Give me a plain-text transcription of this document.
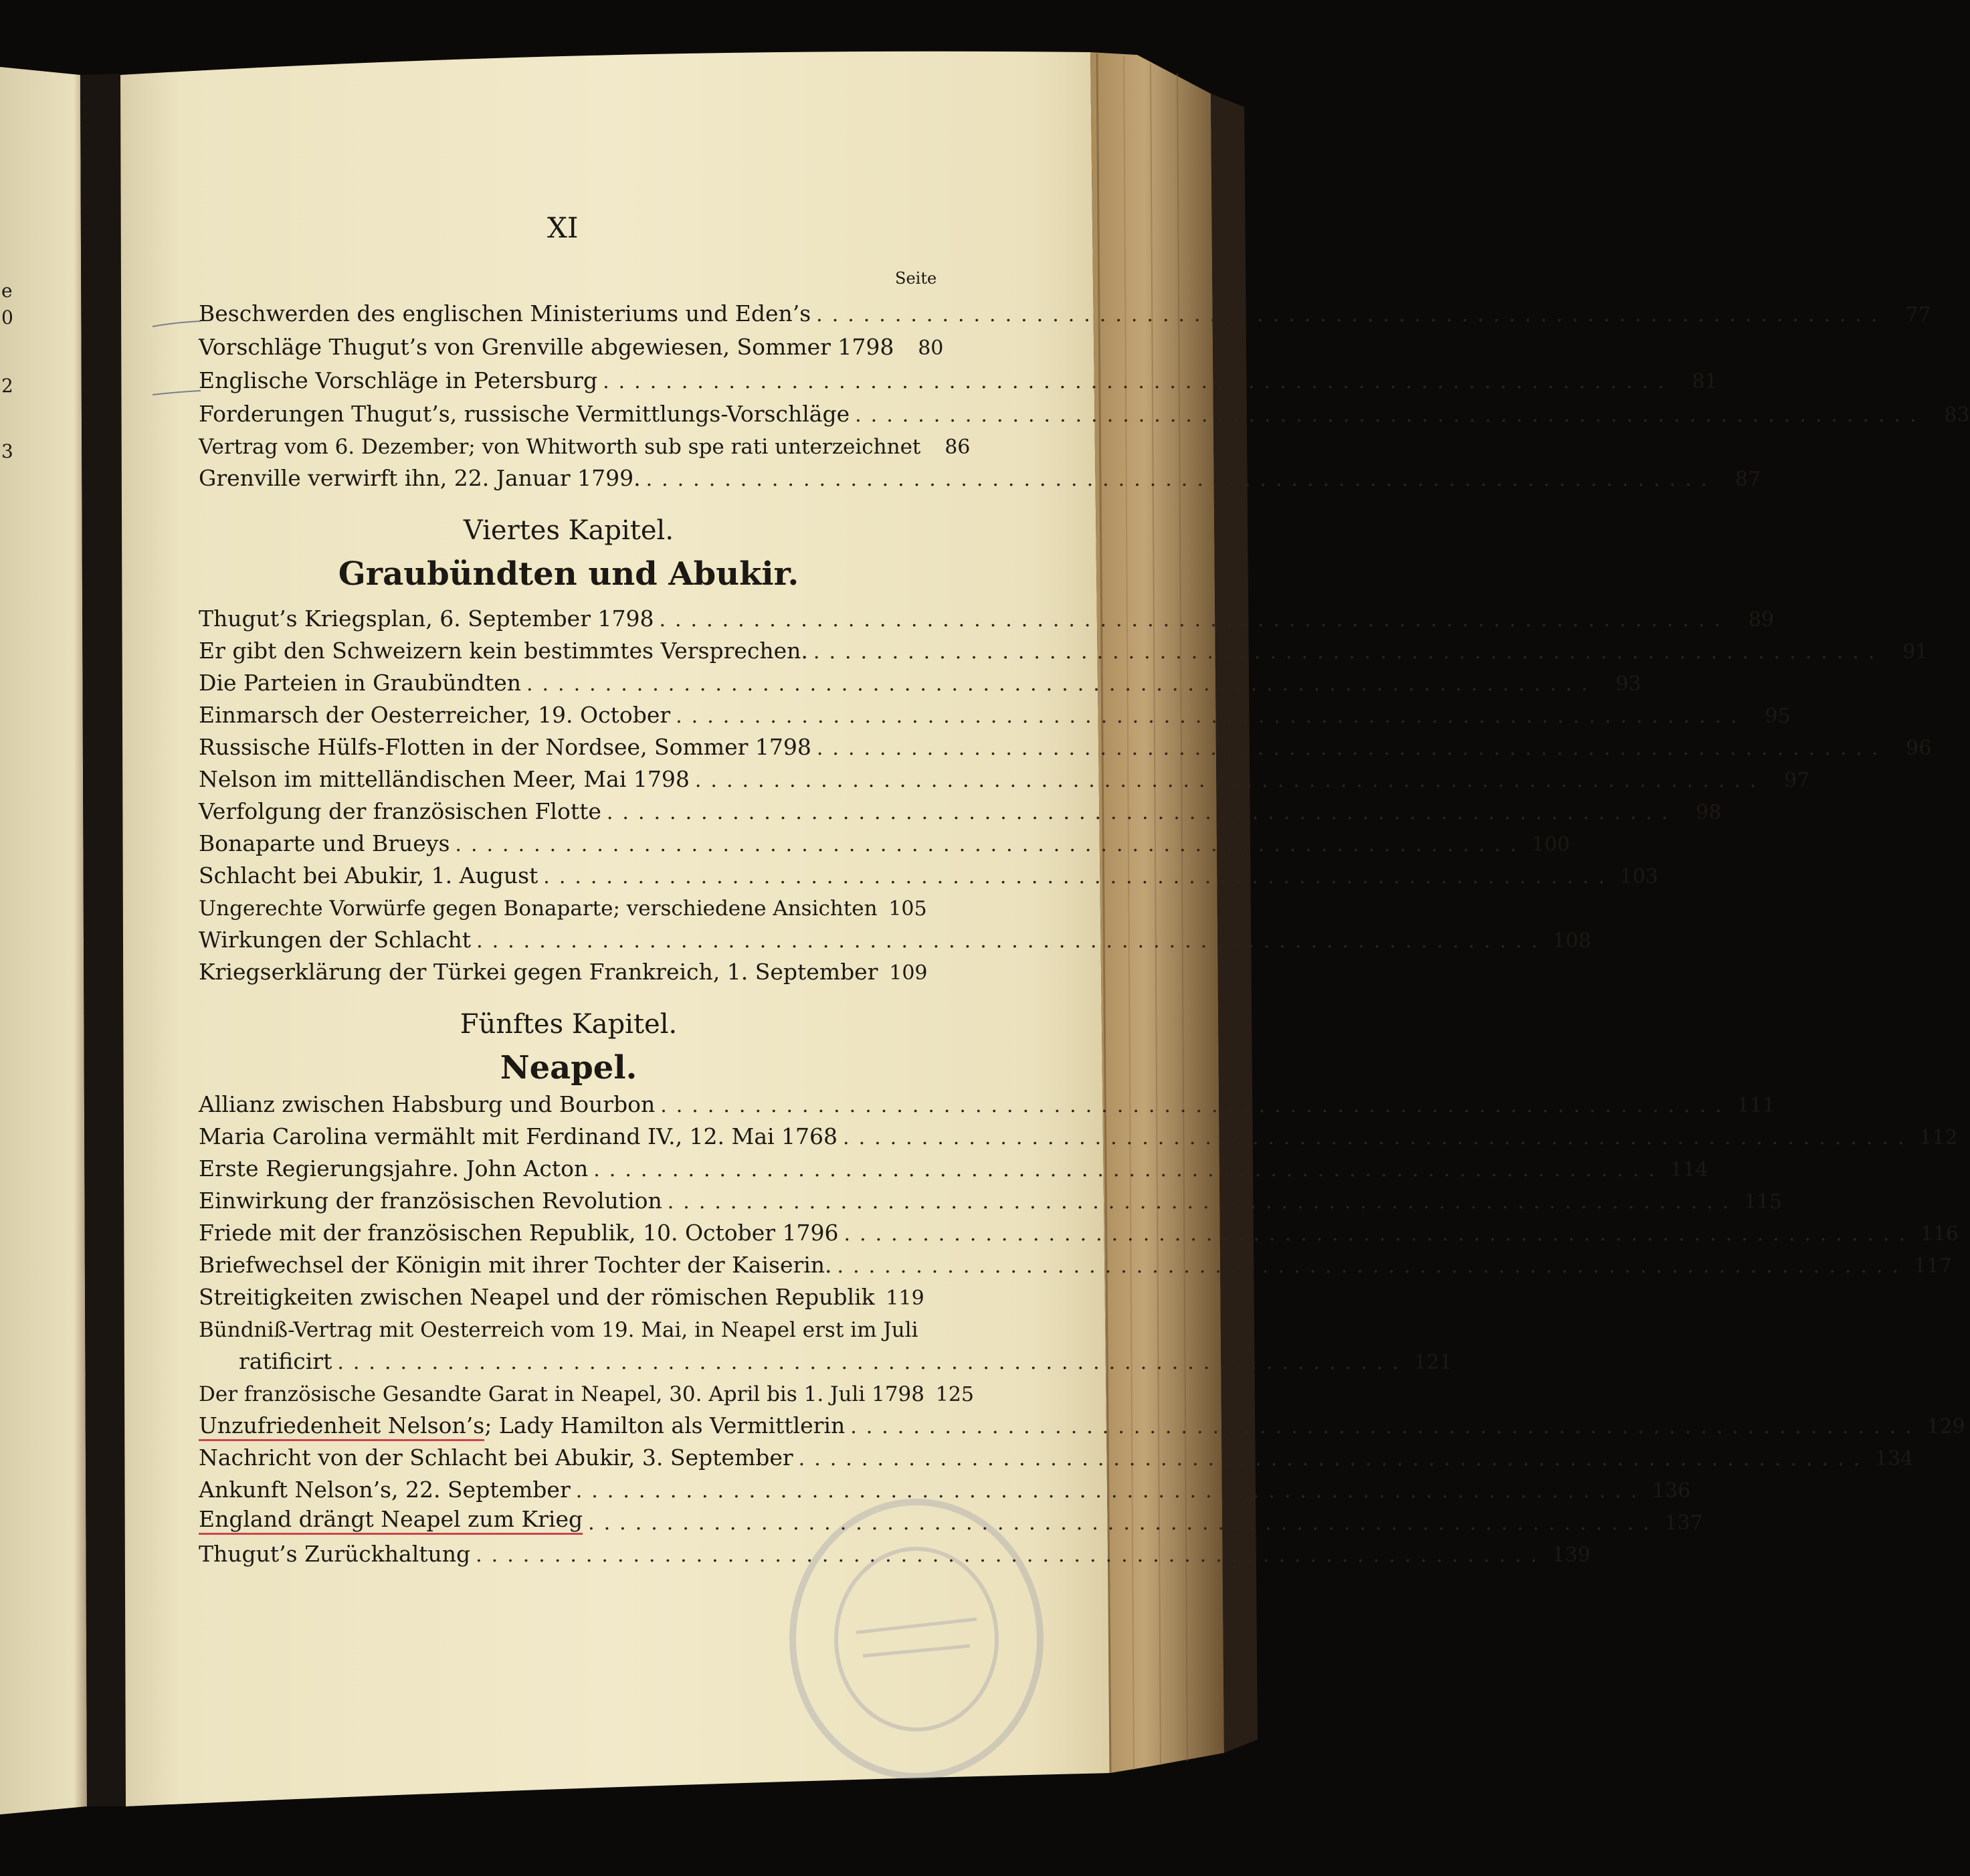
e
0
2
3
XI
Seite
Beschwerden des englischen Ministeriums und Eden’s .................................................................... 77
Vorschläge Thugut’s von Grenville abgewiesen, Sommer 1798	80
Englische Vorschläge in Petersburg .................................................................... 81
Forderungen Thugut’s, russische Vermittlungs-Vorschläge .................................................................... 83
Vertrag vom 6. Dezember; von Whitworth sub spe rati unterzeichnet	86
Grenville verwirft ihn, 22. Januar 1799. .................................................................... 87
Viertes Kapitel.
Graubündten und Abukir.
Thugut’s Kriegsplan, 6. September 1798 .................................................................... 89
Er gibt den Schweizern kein bestimmtes Versprechen. .................................................................... 91
Die Parteien in Graubündten .................................................................... 93
Einmarsch der Oesterreicher, 19. October .................................................................... 95
Russische Hülfs-Flotten in der Nordsee, Sommer 1798 .................................................................... 96
Nelson im mittelländischen Meer, Mai 1798 .................................................................... 97
Verfolgung der französischen Flotte .................................................................... 98
Bonaparte und Brueys .................................................................... 100
Schlacht bei Abukir, 1. August .................................................................... 103
Ungerechte Vorwürfe gegen Bonaparte; verschiedene Ansichten 105
Wirkungen der Schlacht .................................................................... 108
Kriegserklärung der Türkei gegen Frankreich, 1. September 109
Fünftes Kapitel.
Neapel.
Allianz zwischen Habsburg und Bourbon .................................................................... 111
Maria Carolina vermählt mit Ferdinand IV., 12. Mai 1768 .................................................................... 112
Erste Regierungsjahre. John Acton .................................................................... 114
Einwirkung der französischen Revolution .................................................................... 115
Friede mit der französischen Republik, 10. October 1796 .................................................................... 116
Briefwechsel der Königin mit ihrer Tochter der Kaiserin. .................................................................... 117
Streitigkeiten zwischen Neapel und der römischen Republik 119
Bündniß-Vertrag mit Oesterreich vom 19. Mai, in Neapel erst im Juli
ratificirt .................................................................... 121
Der französische Gesandte Garat in Neapel, 30. April bis 1. Juli 1798 125
Unzufriedenheit Nelson’s; Lady Hamilton als Vermittlerin .................................................................... 129
Nachricht von der Schlacht bei Abukir, 3. September .................................................................... 134
Ankunft Nelson’s, 22. September .................................................................... 136
England drängt Neapel zum Krieg .................................................................... 137
Thugut’s Zurückhaltung .................................................................... 139
